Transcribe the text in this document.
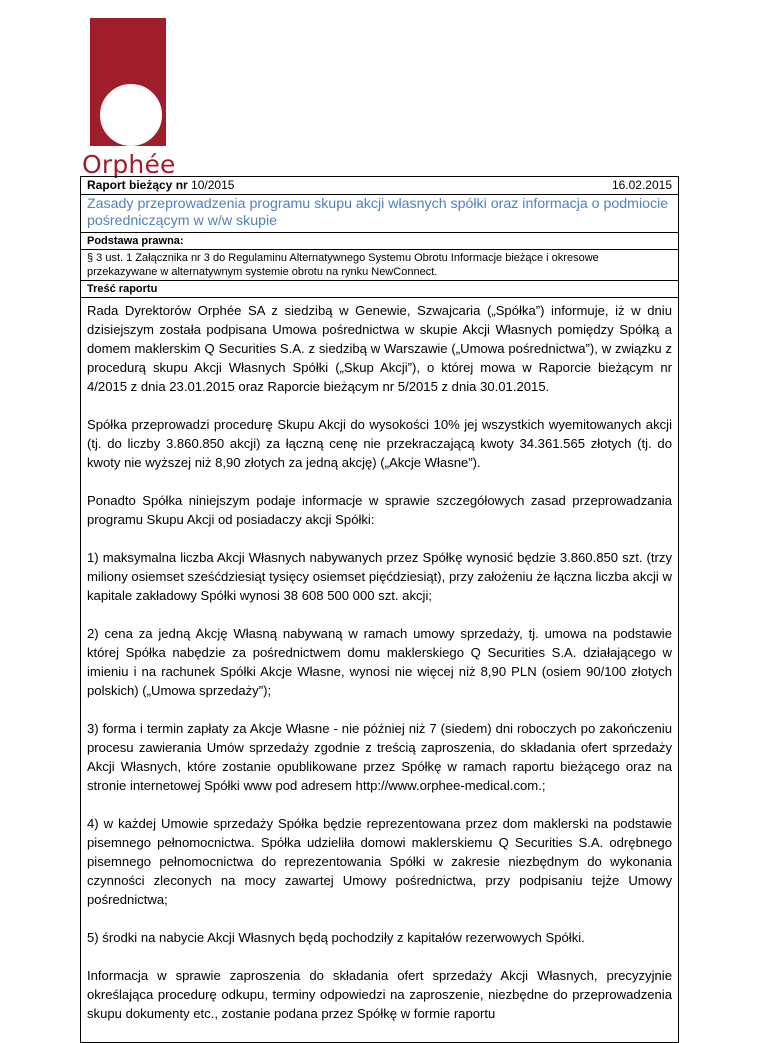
Orphée
Raport bieżący nr 10/2015	16.02.2015
Zasady przeprowadzenia programu skupu akcji własnych spółki oraz informacja o podmiocie pośredniczącym w w/w skupie
Podstawa prawna:
§ 3 ust. 1 Załącznika nr 3 do Regulaminu Alternatywnego Systemu Obrotu Informacje bieżące i okresowe przekazywane w alternatywnym systemie obrotu na rynku NewConnect.
Treść raportu

Rada Dyrektorów Orphée SA z siedzibą w Genewie, Szwajcaria („Spółka”) informuje, iż w dniu dzisiejszym została podpisana Umowa pośrednictwa w skupie Akcji Własnych pomiędzy Spółką a domem maklerskim Q Securities S.A. z siedzibą w Warszawie („Umowa pośrednictwa”), w związku z procedurą skupu Akcji Własnych Spółki („Skup Akcji”), o której mowa w Raporcie bieżącym nr 4/2015 z dnia 23.01.2015 oraz Raporcie bieżącym nr 5/2015 z dnia 30.01.2015.

Spółka przeprowadzi procedurę Skupu Akcji do wysokości 10% jej wszystkich wyemitowanych akcji (tj. do liczby 3.860.850 akcji) za łączną cenę nie przekraczającą kwoty 34.361.565 złotych (tj. do kwoty nie wyższej niż 8,90 złotych za jedną akcję) („Akcje Własne”).

Ponadto Spółka niniejszym podaje informacje w sprawie szczegółowych zasad przeprowadzania programu Skupu Akcji od posiadaczy akcji Spółki:

1) maksymalna liczba Akcji Własnych nabywanych przez Spółkę wynosić będzie 3.860.850 szt. (trzy miliony osiemset sześćdziesiąt tysięcy osiemset pięćdziesiąt), przy założeniu że łączna liczba akcji w kapitale zakładowy Spółki wynosi 38 608 500 000 szt. akcji;

2) cena za jedną Akcję Własną nabywaną w ramach umowy sprzedaży, tj. umowa na podstawie której Spółka nabędzie za pośrednictwem domu maklerskiego Q Securities S.A. działającego w imieniu i na rachunek Spółki Akcje Własne, wynosi nie więcej niż 8,90 PLN (osiem 90/100 złotych polskich) („Umowa sprzedaży”);

3) forma i termin zapłaty za Akcje Własne - nie później niż 7 (siedem) dni roboczych po zakończeniu procesu zawierania Umów sprzedaży zgodnie z treścią zaproszenia, do składania ofert sprzedaży Akcji Własnych, które zostanie opublikowane przez Spółkę w ramach raportu bieżącego oraz na stronie internetowej Spółki www pod adresem http://www.orphee-medical.com.;

4) w każdej Umowie sprzedaży Spółka będzie reprezentowana przez dom maklerski na podstawie pisemnego pełnomocnictwa. Spółka udzieliła domowi maklerskiemu Q Securities S.A. odrębnego pisemnego pełnomocnictwa do reprezentowania Spółki w zakresie niezbędnym do wykonania czynności zleconych na mocy zawartej Umowy pośrednictwa, przy podpisaniu tejże Umowy pośrednictwa;

5) środki na nabycie Akcji Własnych będą pochodziły z kapitałów rezerwowych Spółki.

Informacja w sprawie zaproszenia do składania ofert sprzedaży Akcji Własnych, precyzyjnie określająca procedurę odkupu, terminy odpowiedzi na zaproszenie, niezbędne do przeprowadzenia skupu dokumenty etc., zostanie podana przez Spółkę w formie raportu
